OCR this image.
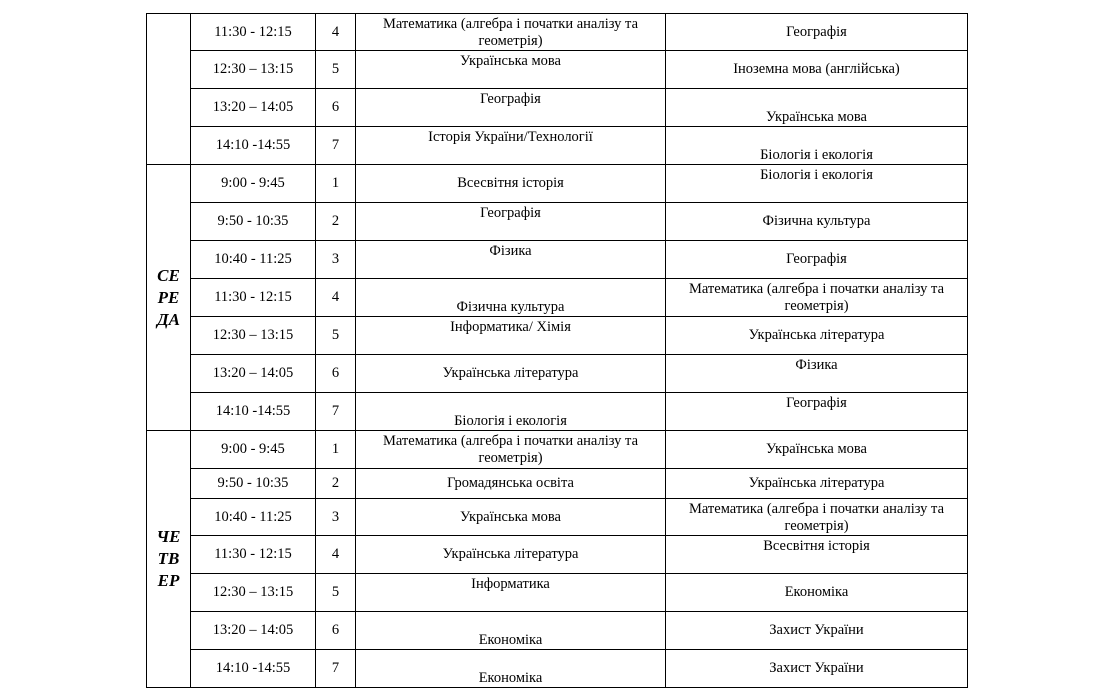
	11:30 - 12:15	4	Математика (алгебра і початки аналізу та геометрія)	Географія

	12:30 – 13:15	5	Українська мова	Іноземна мова (англійська)

	13:20 – 14:05	6	Географія	Українська мова

	14:10 -14:55	7	Історія України/Технології	Біологія і екологія

СЕ
РЕ
ДА	9:00 - 9:45	1	Всесвітня історія	Біологія і екологія

	9:50 - 10:35	2	Географія	Фізична культура

	10:40 - 11:25	3	Фізика	Географія

	11:30 - 12:15	4	Фізична культура	Математика (алгебра і початки аналізу та геометрія)

	12:30 – 13:15	5	Інформатика/ Хімія	Українська література

	13:20 – 14:05	6	Українська література	Фізика

	14:10 -14:55	7	Біологія і екологія	Географія

ЧЕ
ТВ
ЕР	9:00 - 9:45	1	Математика (алгебра і початки аналізу та геометрія)	Українська мова

	9:50 - 10:35	2	Громадянська освіта	Українська література

	10:40 - 11:25	3	Українська мова	Математика (алгебра і початки аналізу та геометрія)

	11:30 - 12:15	4	Українська література	Всесвітня історія

	12:30 – 13:15	5	Інформатика	Економіка

	13:20 – 14:05	6	Економіка	Захист України

	14:10 -14:55	7	Економіка	Захист України
